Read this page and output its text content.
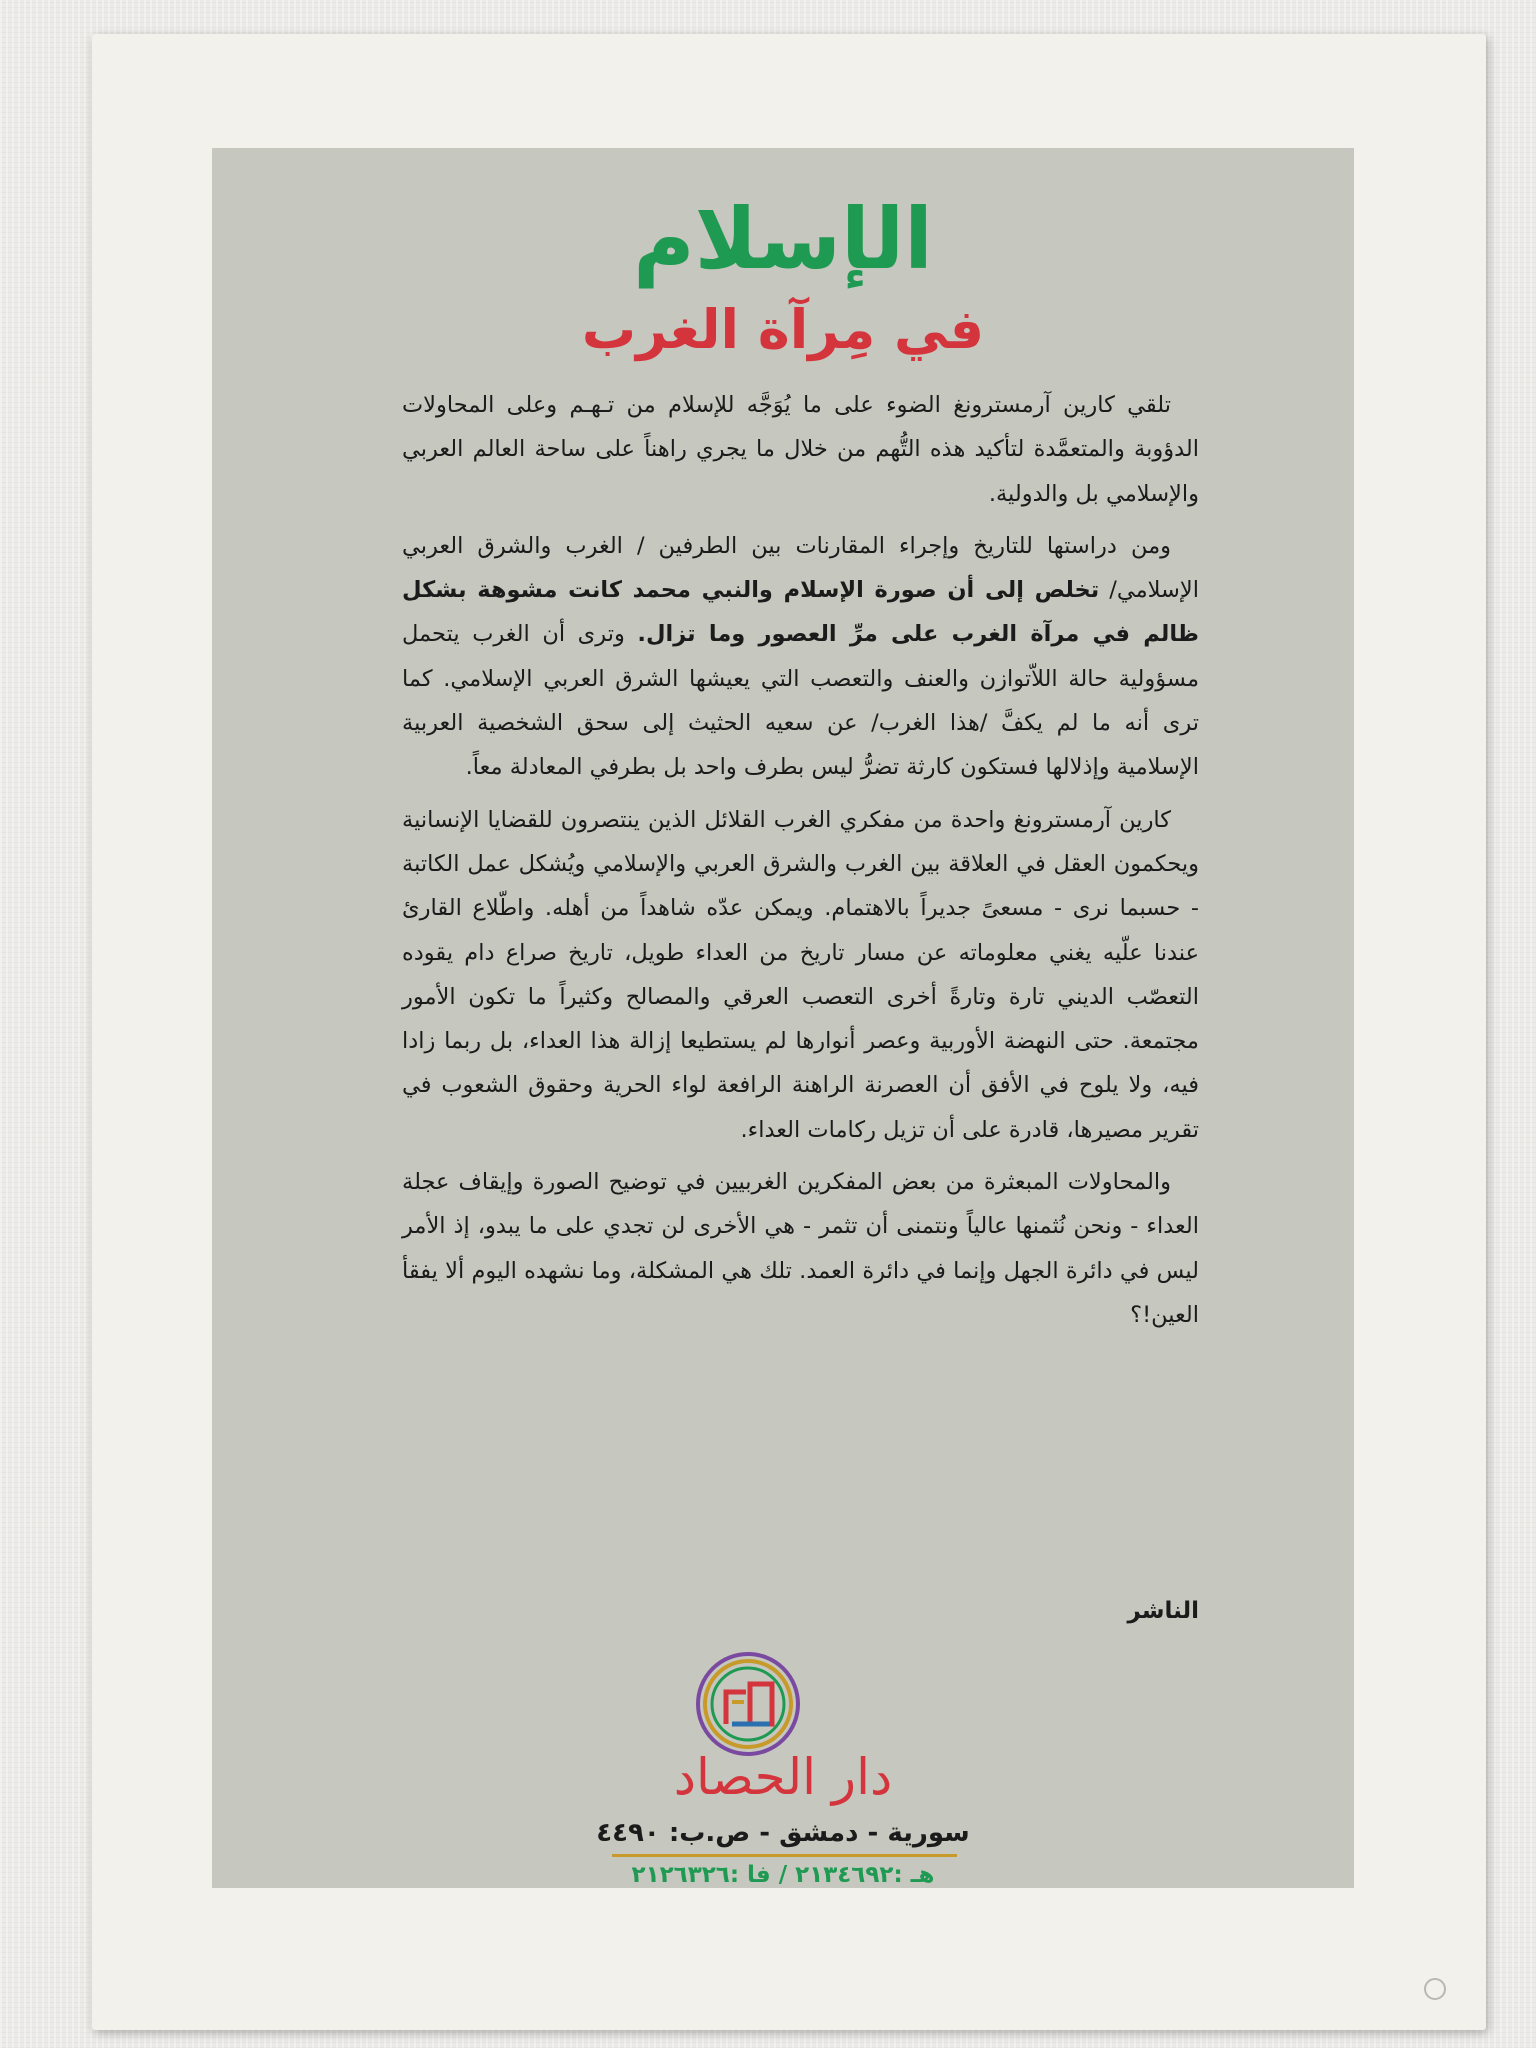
الإسلام
في مِرآة الغرب

تلقي كارين آرمسترونغ الضوء على ما يُوَجَّه للإسلام من تـهـم وعلى المحاولات الدؤوبة والمتعمَّدة لتأكيد هذه التُّهم من خلال ما يجري راهناً على ساحة العالم العربي والإسلامي بل والدولية.

ومن دراستها للتاريخ وإجراء المقارنات بين الطرفين / الغرب والشرق العربي الإسلامي/ تخلص إلى أن صورة الإسلام والنبي محمد كانت مشوهة بشكل ظالم في مرآة الغرب على مرِّ العصور وما تزال. وترى أن الغرب يتحمل مسؤولية حالة اللاّتوازن والعنف والتعصب التي يعيشها الشرق العربي الإسلامي. كما ترى أنه ما لم يكفَّ /هذا الغرب/ عن سعيه الحثيث إلى سحق الشخصية العربية الإسلامية وإذلالها فستكون كارثة تضرُّ ليس بطرف واحد بل بطرفي المعادلة معاً.

كارين آرمسترونغ واحدة من مفكري الغرب القلائل الذين ينتصرون للقضايا الإنسانية ويحكمون العقل في العلاقة بين الغرب والشرق العربي والإسلامي ويُشكل عمل الكاتبة - حسبما نرى - مسعىً جديراً بالاهتمام. ويمكن عدّه شاهداً من أهله. واطّلاع القارئ عندنا علّيه يغني معلوماته عن مسار تاريخ من العداء طويل، تاريخ صراع دام يقوده التعصّب الديني تارة وتارةً أخرى التعصب العرقي والمصالح وكثيراً ما تكون الأمور مجتمعة. حتى النهضة الأوربية وعصر أنوارها لم يستطيعا إزالة هذا العداء، بل ربما زادا فيه، ولا يلوح في الأفق أن العصرنة الراهنة الرافعة لواء الحرية وحقوق الشعوب في تقرير مصيرها، قادرة على أن تزيل ركامات العداء.

والمحاولات المبعثرة من بعض المفكرين الغربيين في توضيح الصورة وإيقاف عجلة العداء - ونحن نُثمنها عالياً ونتمنى أن تثمر - هي الأخرى لن تجدي على ما يبدو، إذ الأمر ليس في دائرة الجهل وإنما في دائرة العمد. تلك هي المشكلة، وما نشهده اليوم ألا يفقأ العين!؟

الناشر
دار الحصاد
سورية - دمشق - ص.ب: ٤٤٩٠
هـ :٢١٣٤٦٩٢ / فا :٢١٢٦٣٢٦
